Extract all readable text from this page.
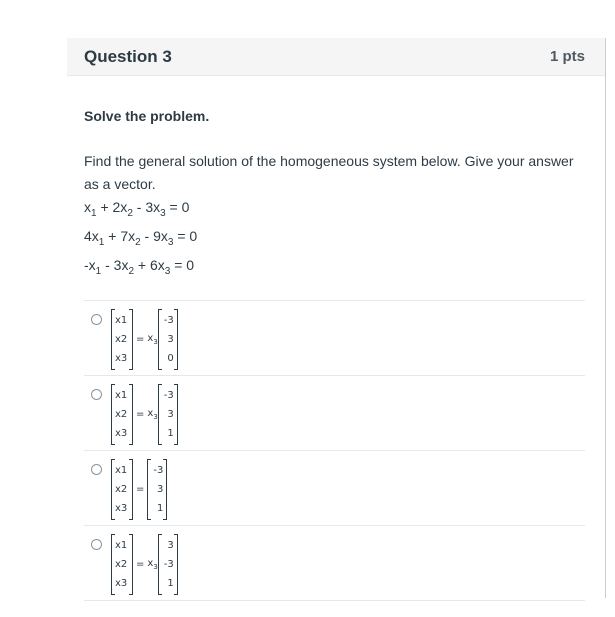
Question 3	1 pts
Solve the problem.
Find the general solution of the homogeneous system below. Give your answer as a vector.
$x_1 + 2x_2 - 3x_3 = 0$
$4x_1 + 7x_2 - 9x_3 = 0$
$-x_1 - 3x_2 + 6x_3 = 0$
x1
x2
x3
= $x_3$
-3
3
0
x1
x2
x3
= $x_3$
-3
3
1
x1
x2
x3
=
-3
3
1
x1
x2
x3
= $x_3$
3
-3
1
